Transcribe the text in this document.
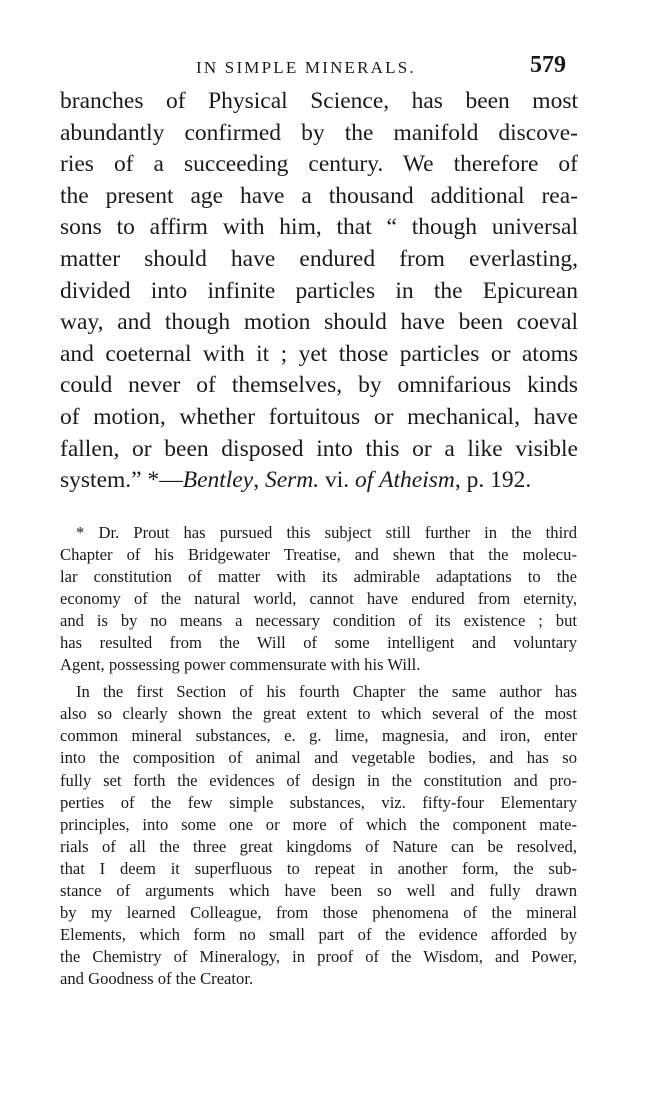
IN SIMPLE MINERALS.	579
branches of Physical Science, has been most
abundantly confirmed by the manifold discove-
ries of a succeeding century. We therefore of
the present age have a thousand additional rea-
sons to affirm with him, that “ though universal
matter should have endured from everlasting,
divided into infinite particles in the Epicurean
way, and though motion should have been coeval
and coeternal with it ; yet those particles or atoms
could never of themselves, by omnifarious kinds
of motion, whether fortuitous or mechanical, have
fallen, or been disposed into this or a like visible
system.” *—Bentley, Serm. vi. of Atheism, p. 192.
* Dr. Prout has pursued this subject still further in the third
Chapter of his Bridgewater Treatise, and shewn that the molecu-
lar constitution of matter with its admirable adaptations to the
economy of the natural world, cannot have endured from eternity,
and is by no means a necessary condition of its existence ; but
has resulted from the Will of some intelligent and voluntary
Agent, possessing power commensurate with his Will.
In the first Section of his fourth Chapter the same author has
also so clearly shown the great extent to which several of the most
common mineral substances, e. g. lime, magnesia, and iron, enter
into the composition of animal and vegetable bodies, and has so
fully set forth the evidences of design in the constitution and pro-
perties of the few simple substances, viz. fifty-four Elementary
principles, into some one or more of which the component mate-
rials of all the three great kingdoms of Nature can be resolved,
that I deem it superfluous to repeat in another form, the sub-
stance of arguments which have been so well and fully drawn
by my learned Colleague, from those phenomena of the mineral
Elements, which form no small part of the evidence afforded by
the Chemistry of Mineralogy, in proof of the Wisdom, and Power,
and Goodness of the Creator.
